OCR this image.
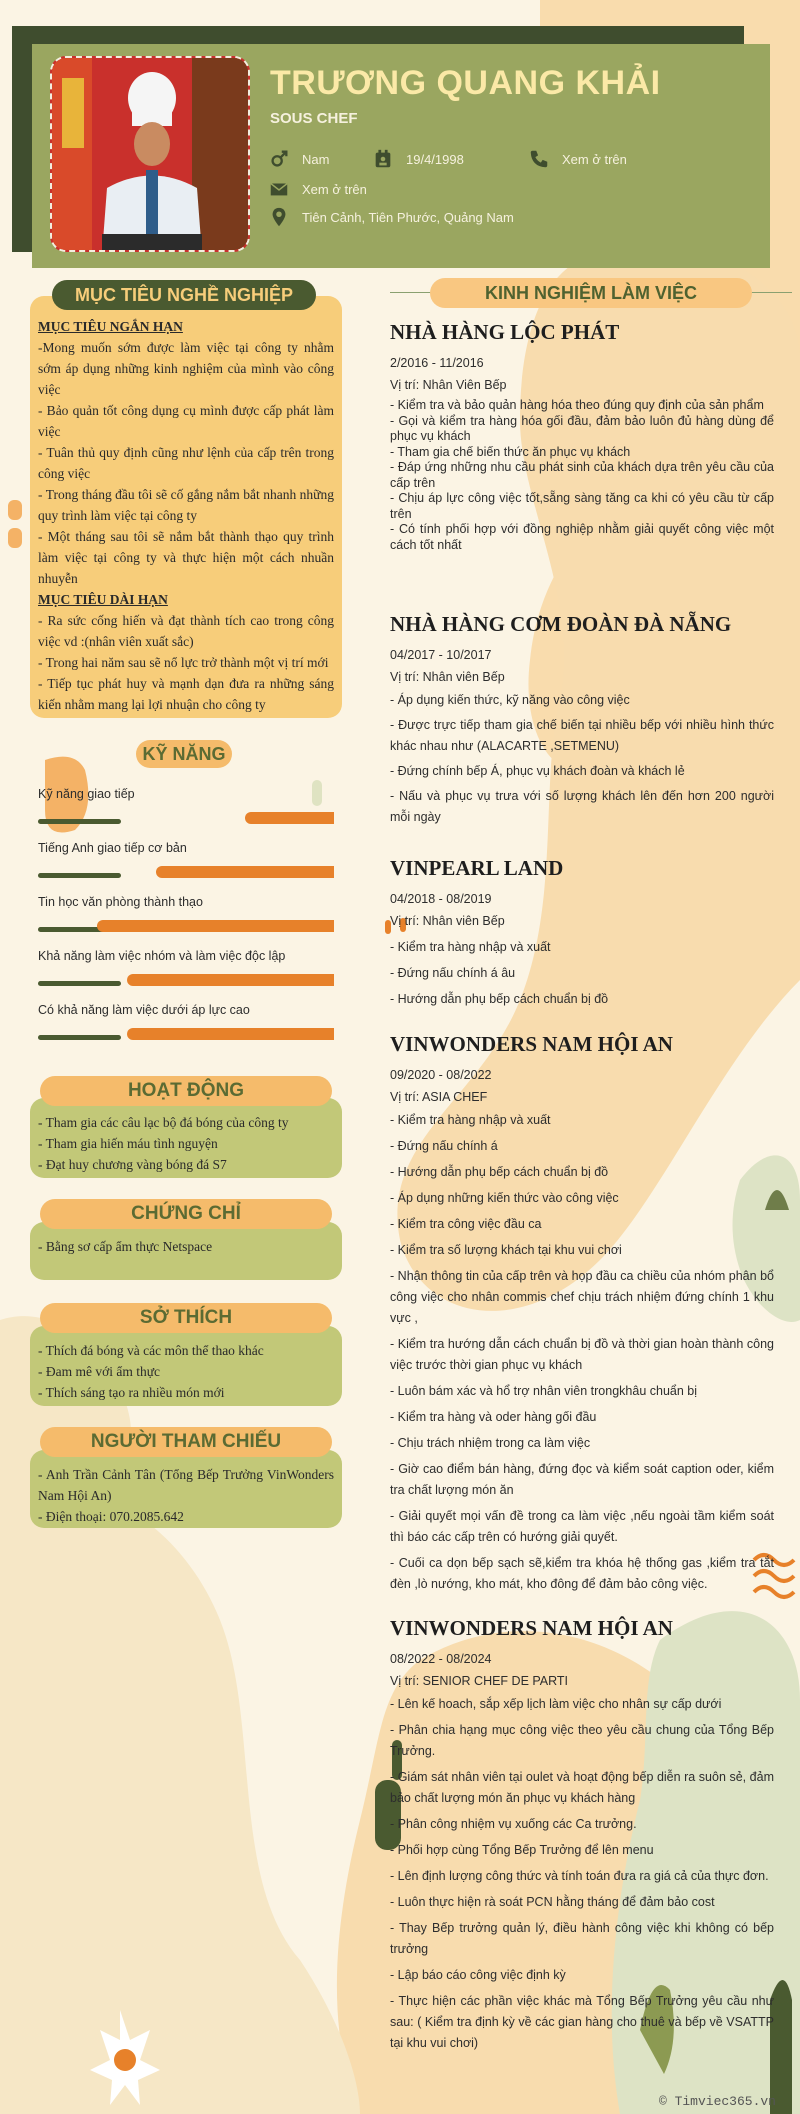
TRƯƠNG QUANG KHẢI
SOUS CHEF
Nam	19/4/1998	Xem ở trên
Xem ở trên
Tiên Cảnh, Tiên Phước, Quảng Nam
MỤC TIÊU NGẮN HẠN
-Mong muốn sớm được làm việc tại công ty nhằm sớm áp dụng những kinh nghiệm của mình vào công việc
- Bảo quản tốt công dụng cụ mình được cấp phát làm việc
- Tuân thủ quy định cũng như lệnh của cấp trên trong công việc
- Trong tháng đầu tôi sẽ cố gắng nắm bắt nhanh những quy trình làm việc tại công ty
- Một tháng sau tôi sẽ nắm bắt thành thạo quy trình làm việc tại công ty và thực hiện một cách nhuần nhuyễn
MỤC TIÊU DÀI HẠN
- Ra sức cống hiến và đạt thành tích cao trong công việc vd :(nhân viên xuất sắc)
- Trong hai năm sau sẽ nổ lực trở thành một vị trí mới
- Tiếp tục phát huy và mạnh dạn đưa ra những sáng kiến nhằm mang lại lợi nhuận cho công ty
MỤC TIÊU NGHỀ NGHIỆP
KỸ NĂNG
Kỹ năng giao tiếp
Tiếng Anh giao tiếp cơ bản
Tin học văn phòng thành thạo
Khả năng làm việc nhóm và làm việc độc lập
Có khả năng làm việc dưới áp lực cao
- Tham gia các câu lạc bộ đá bóng của công ty
- Tham gia hiến máu tình nguyện
- Đạt huy chương vàng bóng đá S7
HOẠT ĐỘNG
- Bằng sơ cấp ẩm thực Netspace
CHỨNG CHỈ
- Thích đá bóng và các môn thể thao khác
- Đam mê với ẩm thực
- Thích sáng tạo ra nhiều món mới
SỞ THÍCH
- Anh Trần Cảnh Tân (Tổng Bếp Trưởng VinWonders Nam Hội An)
- Điện thoại: 070.2085.642
NGƯỜI THAM CHIẾU
KINH NGHIỆM LÀM VIỆC
NHÀ HÀNG LỘC PHÁT
2/2016 - 11/2016
Vị trí: Nhân Viên Bếp
- Kiểm tra và bảo quản hàng hóa theo đúng quy định của sản phẩm
- Gọi và kiểm tra hàng hóa gối đầu, đảm bảo luôn đủ hàng dùng để phục vụ khách
- Tham gia chế biến thức ăn phục vụ khách
- Đáp ứng những nhu cầu phát sinh của khách dựa trên yêu cầu của cấp trên
- Chịu áp lực công việc tốt,sẵng sàng tăng ca khi có yêu cầu từ cấp trên
- Có tính phối hợp với đồng nghiệp nhằm giải quyết công việc một cách tốt nhất
NHÀ HÀNG CƠM ĐOÀN ĐÀ NẴNG
04/2017 - 10/2017
Vị trí: Nhân viên Bếp
- Áp dụng kiến thức, kỹ năng vào công việc
- Được trực tiếp tham gia chế biến tại nhiều bếp với nhiều hình thức khác nhau như (ALACARTE ,SETMENU)
- Đứng chính bếp Á, phục vụ khách đoàn và khách lẻ
- Nấu và phục vụ trưa với số lượng khách lên đến hơn 200 người mỗi ngày
VINPEARL LAND
04/2018 - 08/2019
Vị trí: Nhân viên Bếp
- Kiểm tra hàng nhập và xuất
- Đứng nấu chính á âu
- Hướng dẫn phụ bếp cách chuẩn bị đồ
VINWONDERS NAM HỘI AN
09/2020 - 08/2022
Vị trí: ASIA CHEF
- Kiểm tra hàng nhập và xuất
- Đứng nấu chính á
- Hướng dẫn phụ bếp cách chuẩn bị đồ
- Áp dụng những kiến thức vào công việc
- Kiểm tra công việc đầu ca
- Kiểm tra số lượng khách tại khu vui chơi
- Nhận thông tin của cấp trên và họp đầu ca chiều của nhóm phân bổ công việc cho nhân commis chef chịu trách nhiệm đứng chính 1 khu vực ,
- Kiểm tra hướng dẫn cách chuẩn bị đồ và thời gian hoàn thành công việc trước thời gian phục vụ khách
- Luôn bám xác và hổ trợ nhân viên trongkhâu chuẩn bị
- Kiểm tra hàng và oder hàng gối đầu
- Chịu trách nhiệm trong ca làm việc
- Giờ cao điểm bán hàng, đứng đọc và kiểm soát caption oder, kiểm tra chất lượng món ăn
- Giải quyết mọi vấn đề trong ca làm việc ,nếu ngoài tầm kiểm soát thì báo các cấp trên có hướng giải quyết.
- Cuối ca dọn bếp sạch sẽ,kiểm tra khóa hệ thống gas ,kiểm tra tắt đèn ,lò nướng, kho mát, kho đông để đảm bảo công việc.
VINWONDERS NAM HỘI AN
08/2022 - 08/2024
Vị trí: SENIOR CHEF DE PARTI
- Lên kế hoach, sắp xếp lịch làm việc cho nhân sự cấp dưới
- Phân chia hạng mục công việc theo yêu cầu chung của Tổng Bếp Trưởng.
- Giám sát nhân viên tại oulet và hoạt động bếp diễn ra suôn sẻ, đảm bảo chất lượng món ăn phục vụ khách hàng
- Phân công nhiệm vụ xuống các Ca trưởng.
- Phối hợp cùng Tổng Bếp Trưởng để lên menu
- Lên định lượng công thức và tính toán đưa ra giá cả của thực đơn.
- Luôn thực hiện rà soát PCN hằng tháng để đảm bảo cost
- Thay Bếp trưởng quản lý, điều hành công việc khi không có bếp trưởng
- Lập báo cáo công việc định kỳ
- Thực hiện các phần việc khác mà Tổng Bếp Trưởng yêu cầu như sau: ( Kiểm tra định kỳ về các gian hàng cho thuê và bếp về VSATTP tại khu vui chơi)
© Timviec365.vn
